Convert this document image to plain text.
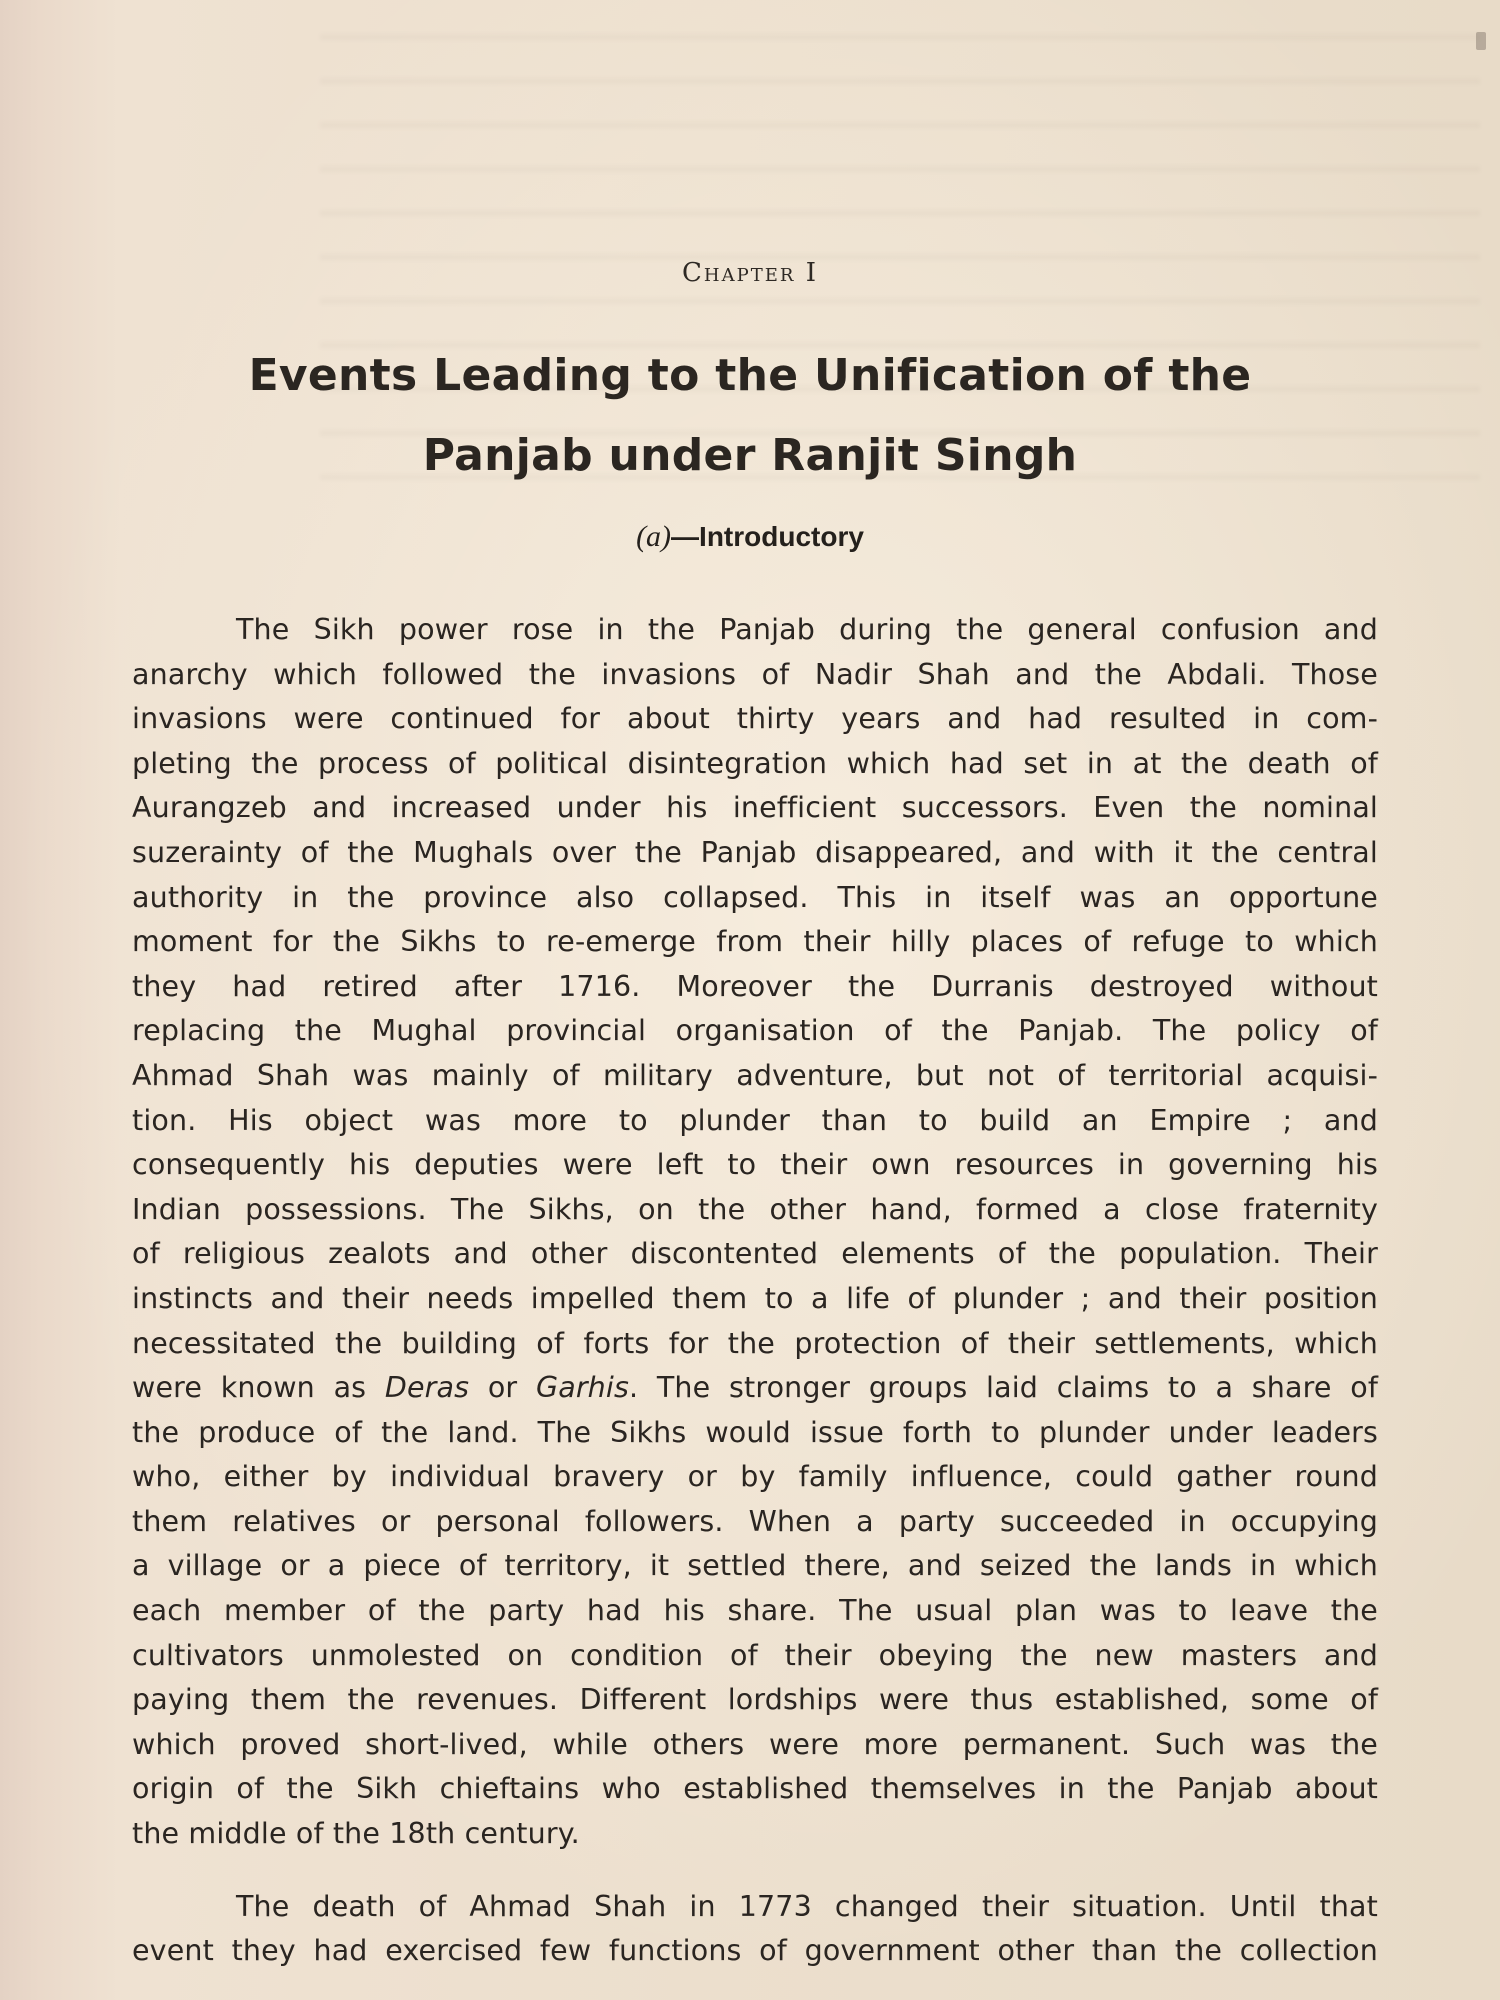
Chapter I
Events Leading to the Unification of the
Panjab under Ranjit Singh
(a)—Introductory

The Sikh power rose in the Panjab during the general confusion and
anarchy which followed the invasions of Nadir Shah and the Abdali. Those
invasions were continued for about thirty years and had resulted in com-
pleting the process of political disintegration which had set in at the death of
Aurangzeb and increased under his inefficient successors. Even the nominal
suzerainty of the Mughals over the Panjab disappeared, and with it the central
authority in the province also collapsed. This in itself was an opportune
moment for the Sikhs to re-emerge from their hilly places of refuge to which
they had retired after 1716. Moreover the Durranis destroyed without
replacing the Mughal provincial organisation of the Panjab. The policy of
Ahmad Shah was mainly of military adventure, but not of territorial acquisi-
tion. His object was more to plunder than to build an Empire ; and
consequently his deputies were left to their own resources in governing his
Indian possessions. The Sikhs, on the other hand, formed a close fraternity
of religious zealots and other discontented elements of the population. Their
instincts and their needs impelled them to a life of plunder ; and their position
necessitated the building of forts for the protection of their settlements, which
were known as Deras or Garhis. The stronger groups laid claims to a share of
the produce of the land. The Sikhs would issue forth to plunder under leaders
who, either by individual bravery or by family influence, could gather round
them relatives or personal followers. When a party succeeded in occupying
a village or a piece of territory, it settled there, and seized the lands in which
each member of the party had his share. The usual plan was to leave the
cultivators unmolested on condition of their obeying the new masters and
paying them the revenues. Different lordships were thus established, some of
which proved short-lived, while others were more permanent. Such was the
origin of the Sikh chieftains who established themselves in the Panjab about
the middle of the 18th century.

The death of Ahmad Shah in 1773 changed their situation. Until that
event they had exercised few functions of government other than the collection
